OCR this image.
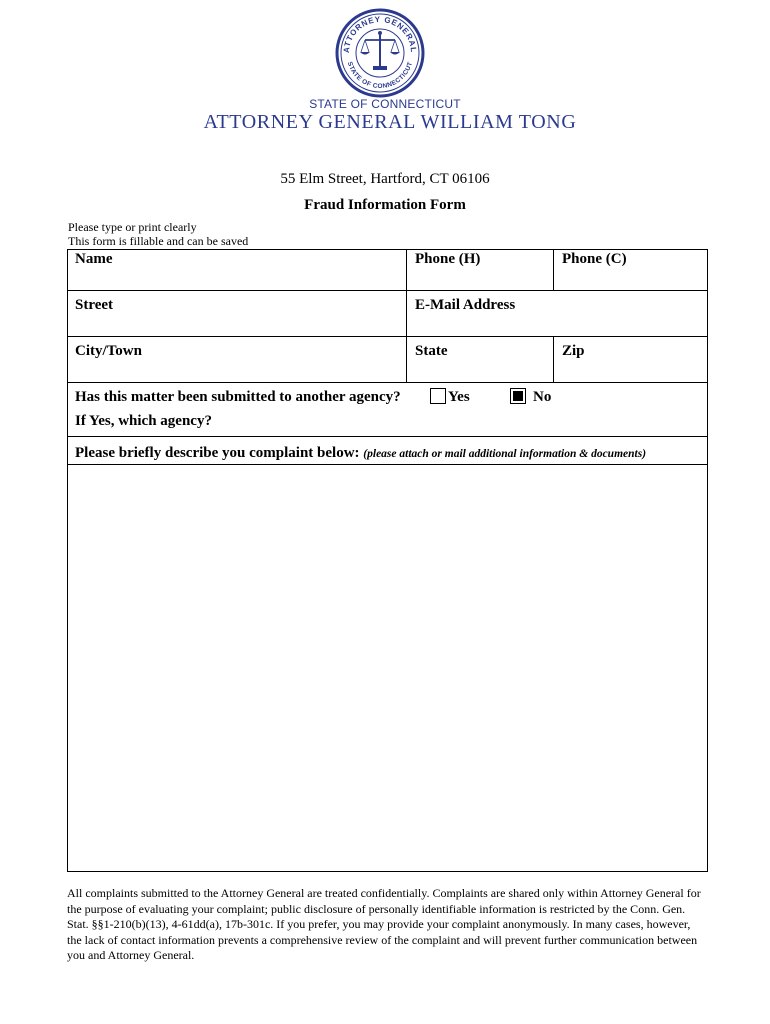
ATTORNEY GENERAL
STATE OF CONNECTICUT
STATE OF CONNECTICUT
ATTORNEY GENERAL WILLIAM TONG
55 Elm Street, Hartford, CT 06106
Fraud Information Form
Please type or print clearly
This form is fillable and can be saved
Name	Phone (H)	Phone (C)
Street	E-Mail Address
City/Town	State	Zip
Has this matter been submitted to another agency?	Yes	No
If Yes, which agency?
Please briefly describe you complaint below: (please attach or mail additional information & documents)
All complaints submitted to the Attorney General are treated confidentially. Complaints are shared only within Attorney General for the purpose of evaluating your complaint; public disclosure of personally identifiable information is restricted by the Conn. Gen. Stat. §§1-210(b)(13), 4-61dd(a), 17b-301c. If you prefer, you may provide your complaint anonymously. In many cases, however, the lack of contact information prevents a comprehensive review of the complaint and will prevent further communication between you and Attorney General.
